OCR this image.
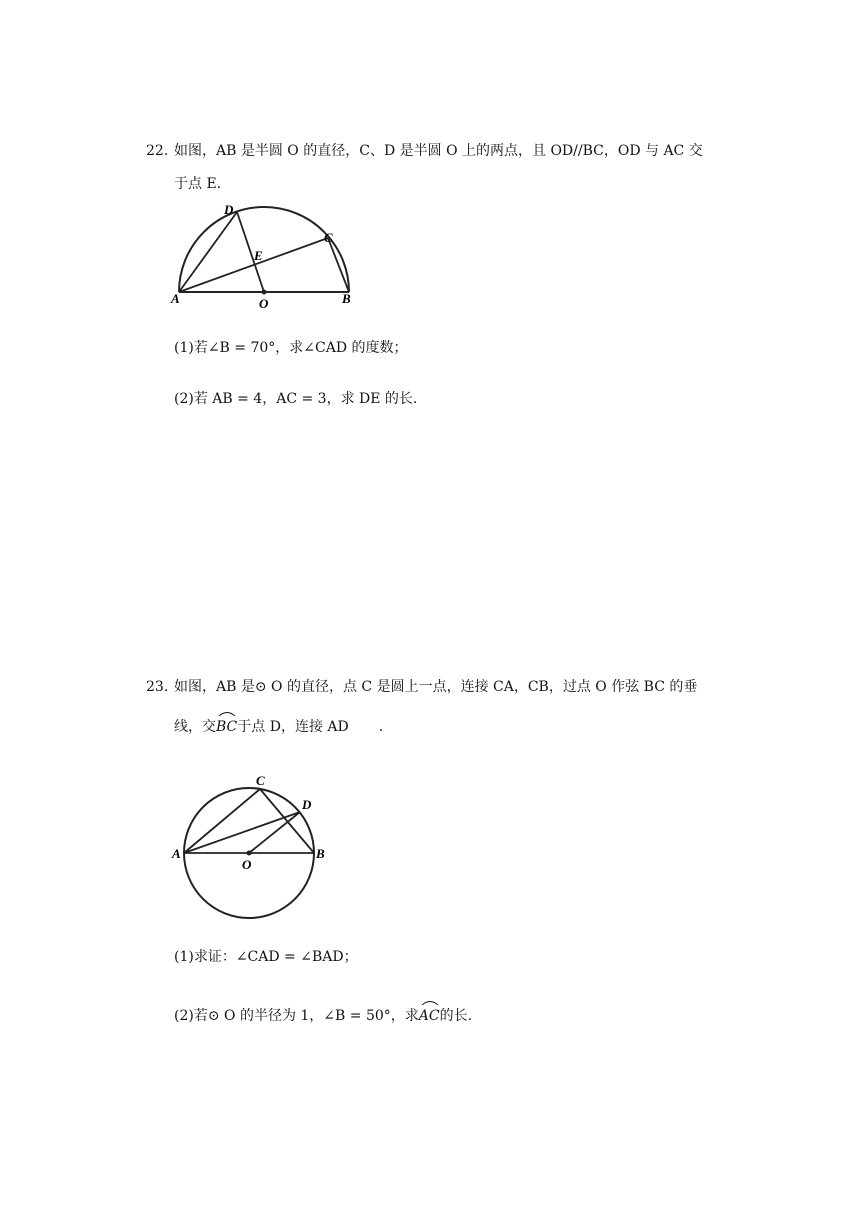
22. 如图，AB 是半圆 O 的直径，C、D 是半圆 O 上的两点，且 OD//BC，OD 与 AC 交
于点 E.
A	B
C
D
E
O
(1)若∠B = 70°，求∠CAD 的度数；
(2)若 AB = 4，AC = 3，求 DE 的长.
23. 如图，AB 是⊙ O 的直径，点 C 是圆上一点，连接 CA，CB，过点 O 作弦 BC 的垂
线，交
BC于点 D，连接 AD .
A	B
C
D
O
(1)求证：∠CAD = ∠BAD；
(2)若⊙ O 的半径为 1，∠B = 50°，求
AC的长.
